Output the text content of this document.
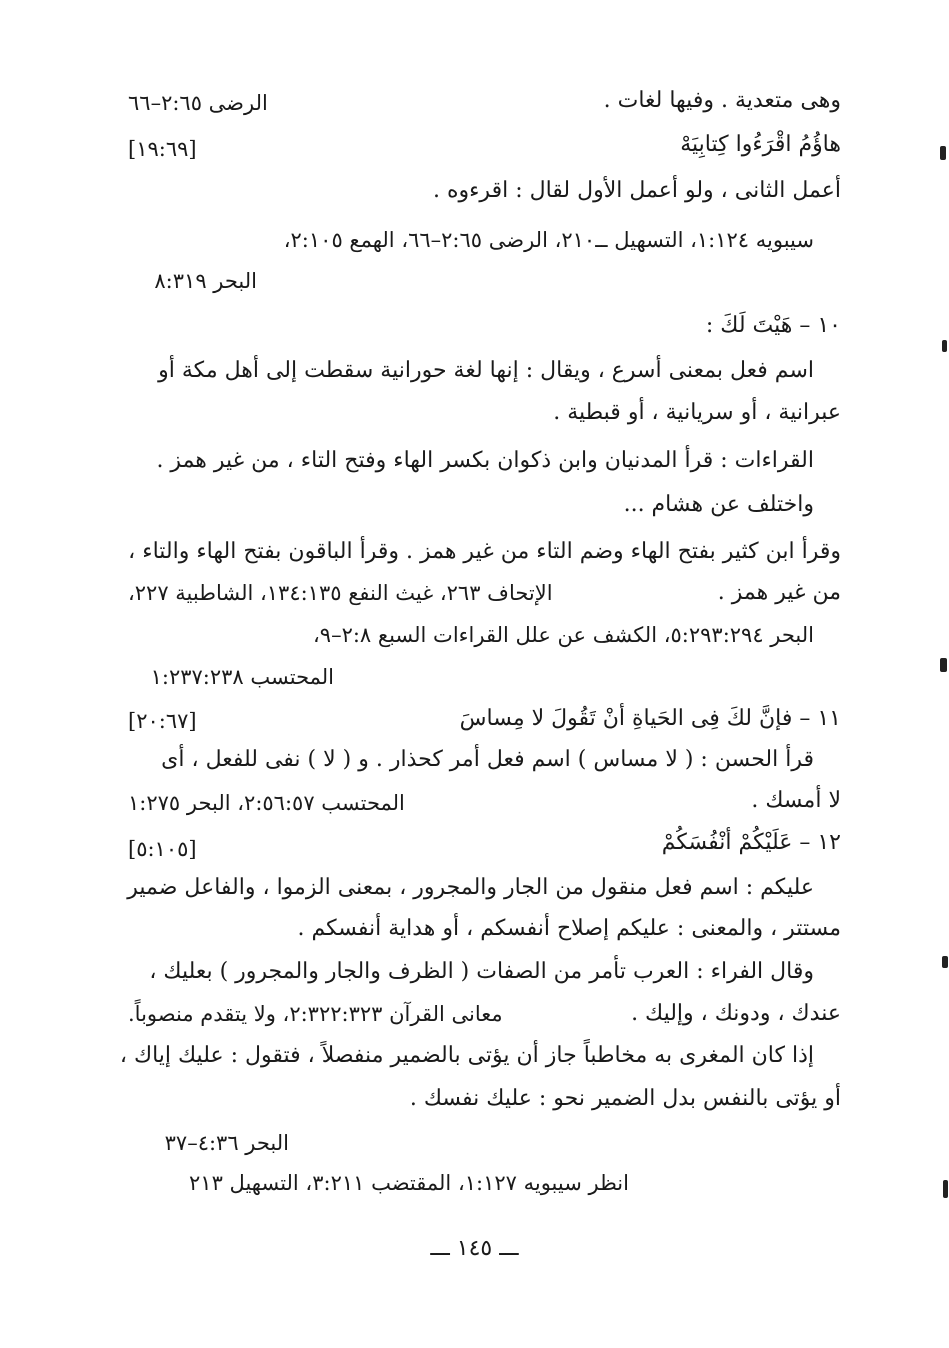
وهى متعدية . وفيها لغات .
الرضى ٢:٦٥–٦٦
هاؤُمُ اقْرَءُوا كِتابِيَهْ
[١٩:٦٩]
أعمل الثانى ، ولو أعمل الأول لقال : اقرءوه .
سيبويه ١:١٢٤، التسهيل ــ٢١٠، الرضى ٢:٦٥–٦٦، الهمع ٢:١٠٥،
البحر ٨:٣١٩
١٠ – هَيْتَ لَكَ :
اسم فعل بمعنى أسرع ، ويقال : إنها لغة حورانية سقطت إلى أهل مكة أو
عبرانية ، أو سريانية ، أو قبطية .
القراءات : قرأ المدنيان وابن ذكوان بكسر الهاء وفتح التاء ، من غير همز .
واختلف عن هشام ...
وقرأ ابن كثير بفتح الهاء وضم التاء من غير همز . وقرأ الباقون بفتح الهاء والتاء ،
من غير همز .
الإتحاف ٢٦٣، غيث النفع ١٣٤:١٣٥، الشاطبية ٢٢٧،
البحر ٥:٢٩٣:٢٩٤، الكشف عن علل القراءات السبع ٢:٨–٩،
المحتسب ١:٢٣٧:٢٣٨
١١ – فإنَّ لكَ فِى الحَياةِ أنْ تَقُولَ لا مِساسَ
[٢٠:٦٧]
قرأ الحسن : ( لا مساس ) اسم فعل أمر كحذار . و ( لا ) نفى للفعل ، أى
لا أمسك .
المحتسب ٢:٥٦:٥٧، البحر ١:٢٧٥
١٢ – عَلَيْكُمْ أنْفُسَكُمْ
[٥:١٠٥]
عليكم : اسم فعل منقول من الجار والمجرور ، بمعنى الزموا ، والفاعل ضمير
مستتر ، والمعنى : عليكم إصلاح أنفسكم ، أو هداية أنفسكم .
وقال الفراء : العرب تأمر من الصفات ( الظرف والجار والمجرور ) بعليك ،
عندك ، ودونك ، وإليك .
معانى القرآن ٢:٣٢٢:٣٢٣، ولا يتقدم منصوباً.
إذا كان المغرى به مخاطباً جاز أن يؤتى بالضمير منفصلاً ، فتقول : عليك إياك ،
أو يؤتى بالنفس بدل الضمير نحو : عليك نفسك .
البحر ٤:٣٦–٣٧
انظر سيبويه ١:١٢٧، المقتضب ٣:٢١١، التسهيل ٢١٣
ـــ ١٤٥ ـــ
